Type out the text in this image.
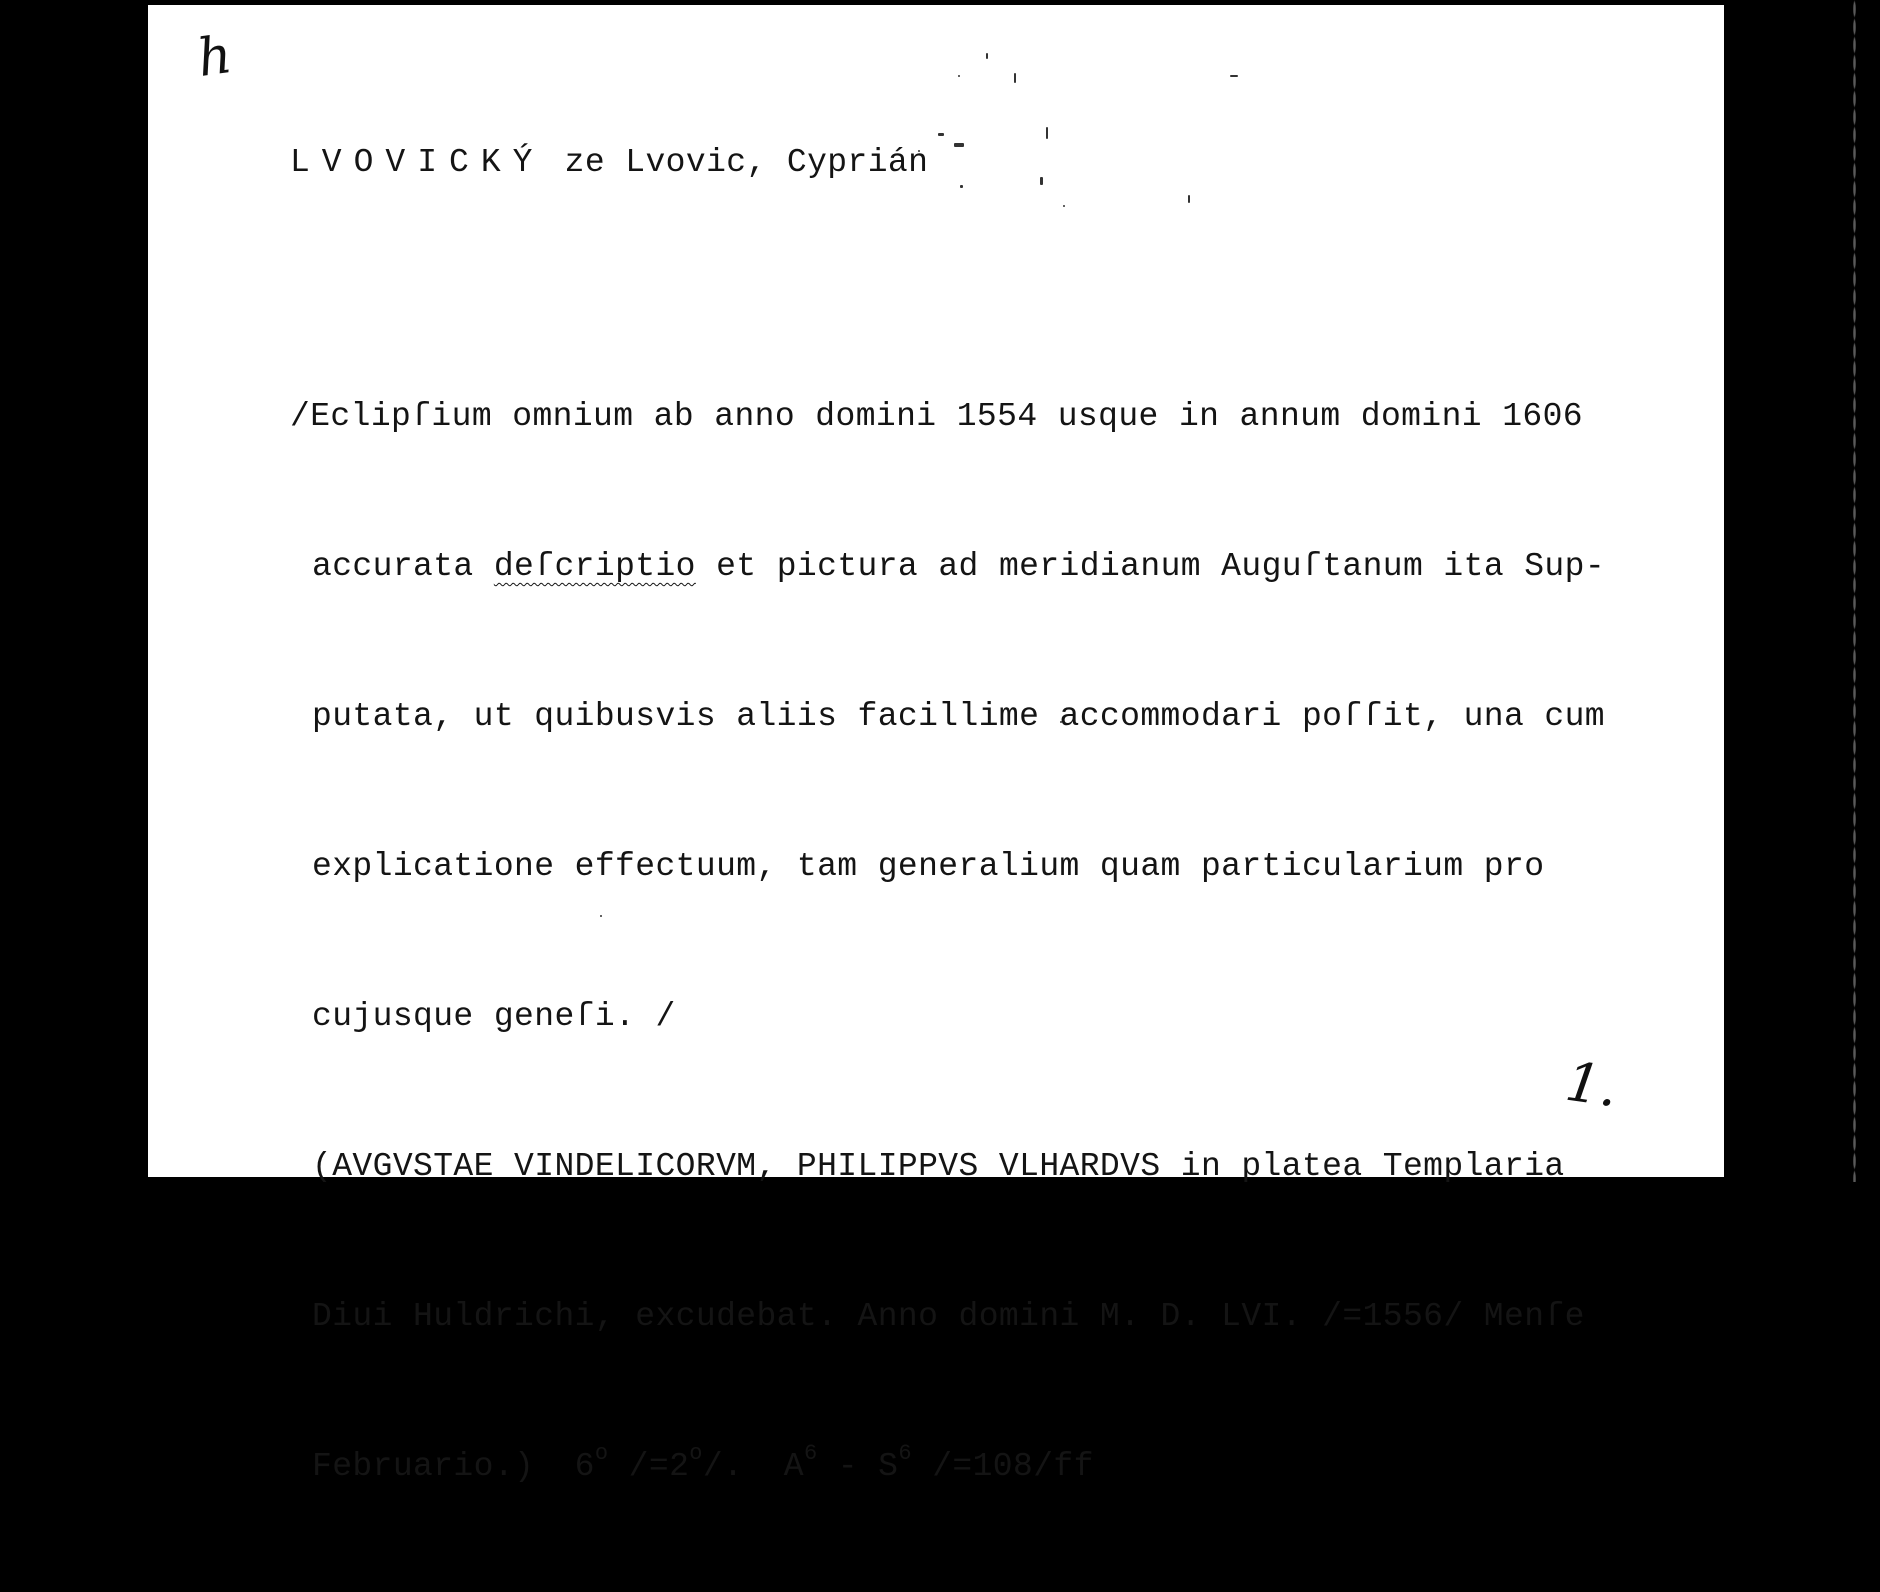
h
LVOVICKÝ ze Lvovic, Cyprián

/Eclipſium omnium ab anno domini 1554 usque in annum domini 1606

accurata deſcriptio et pictura ad meridianum Auguſtanum ita Sup-

putata, ut quibusvis aliis facillime accommodari poſſit, una cum

explicatione effectuum, tam generalium quam particularium pro

cujusque geneſi. /

(AVGVSTAE VINDELICORVM, PHILIPPVS VLHARDVS in platea Templaria

Diui Huldrichi, excudebat. Anno domini M. D. LVI. /=1556/ Menſe

Februario.)  6$^o$ $/=2^o/$.  $A^6 - S^6$ /=108/ff

1.
